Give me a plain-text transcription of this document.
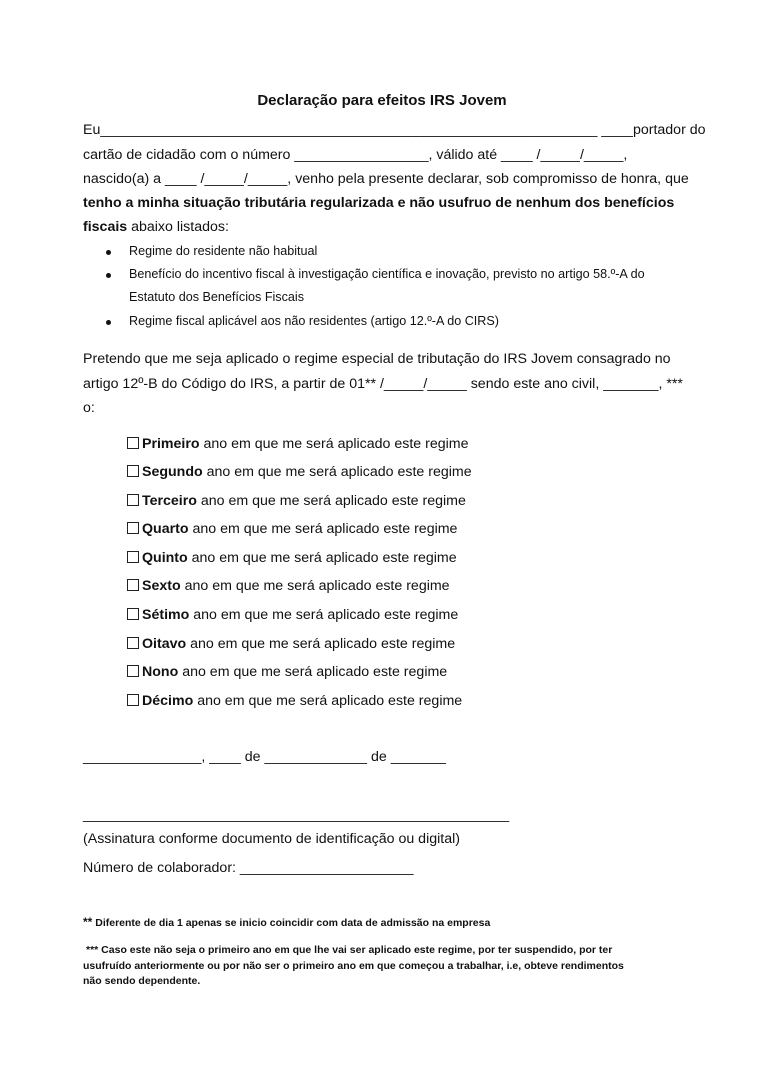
Declaração para efeitos IRS Jovem
Eu_______________________________________________________________ ____portador do
cartão de cidadão com o número _________________, válido até ____ /_____/_____,
nascido(a) a ____ /_____/_____, venho pela presente declarar, sob compromisso de honra, que
tenho a minha situação tributária regularizada e não usufruo de nenhum dos benefícios
fiscais abaixo listados:
Regime do residente não habitual
Benefício do incentivo fiscal à investigação científica e inovação, previsto no artigo 58.º-A do
Estatuto dos Benefícios Fiscais
Regime fiscal aplicável aos não residentes (artigo 12.º-A do CIRS)
Pretendo que me seja aplicado o regime especial de tributação do IRS Jovem consagrado no
artigo 12º-B do Código do IRS, a partir de 01** /_____/_____ sendo este ano civil, _______, ***
o:
Primeiro ano em que me será aplicado este regime
Segundo ano em que me será aplicado este regime
Terceiro ano em que me será aplicado este regime
Quarto ano em que me será aplicado este regime
Quinto ano em que me será aplicado este regime
Sexto ano em que me será aplicado este regime
Sétimo ano em que me será aplicado este regime
Oitavo ano em que me será aplicado este regime
Nono ano em que me será aplicado este regime
Décimo ano em que me será aplicado este regime
_______________, ____ de _____________ de _______
______________________________________________________
(Assinatura conforme documento de identificação ou digital)
Número de colaborador: ______________________
** Diferente de dia 1 apenas se inicio coincidir com data de admissão na empresa
*** Caso este não seja o primeiro ano em que lhe vai ser aplicado este regime, por ter suspendido, por ter
usufruído anteriormente ou por não ser o primeiro ano em que começou a trabalhar, i.e, obteve rendimentos
não sendo dependente.
